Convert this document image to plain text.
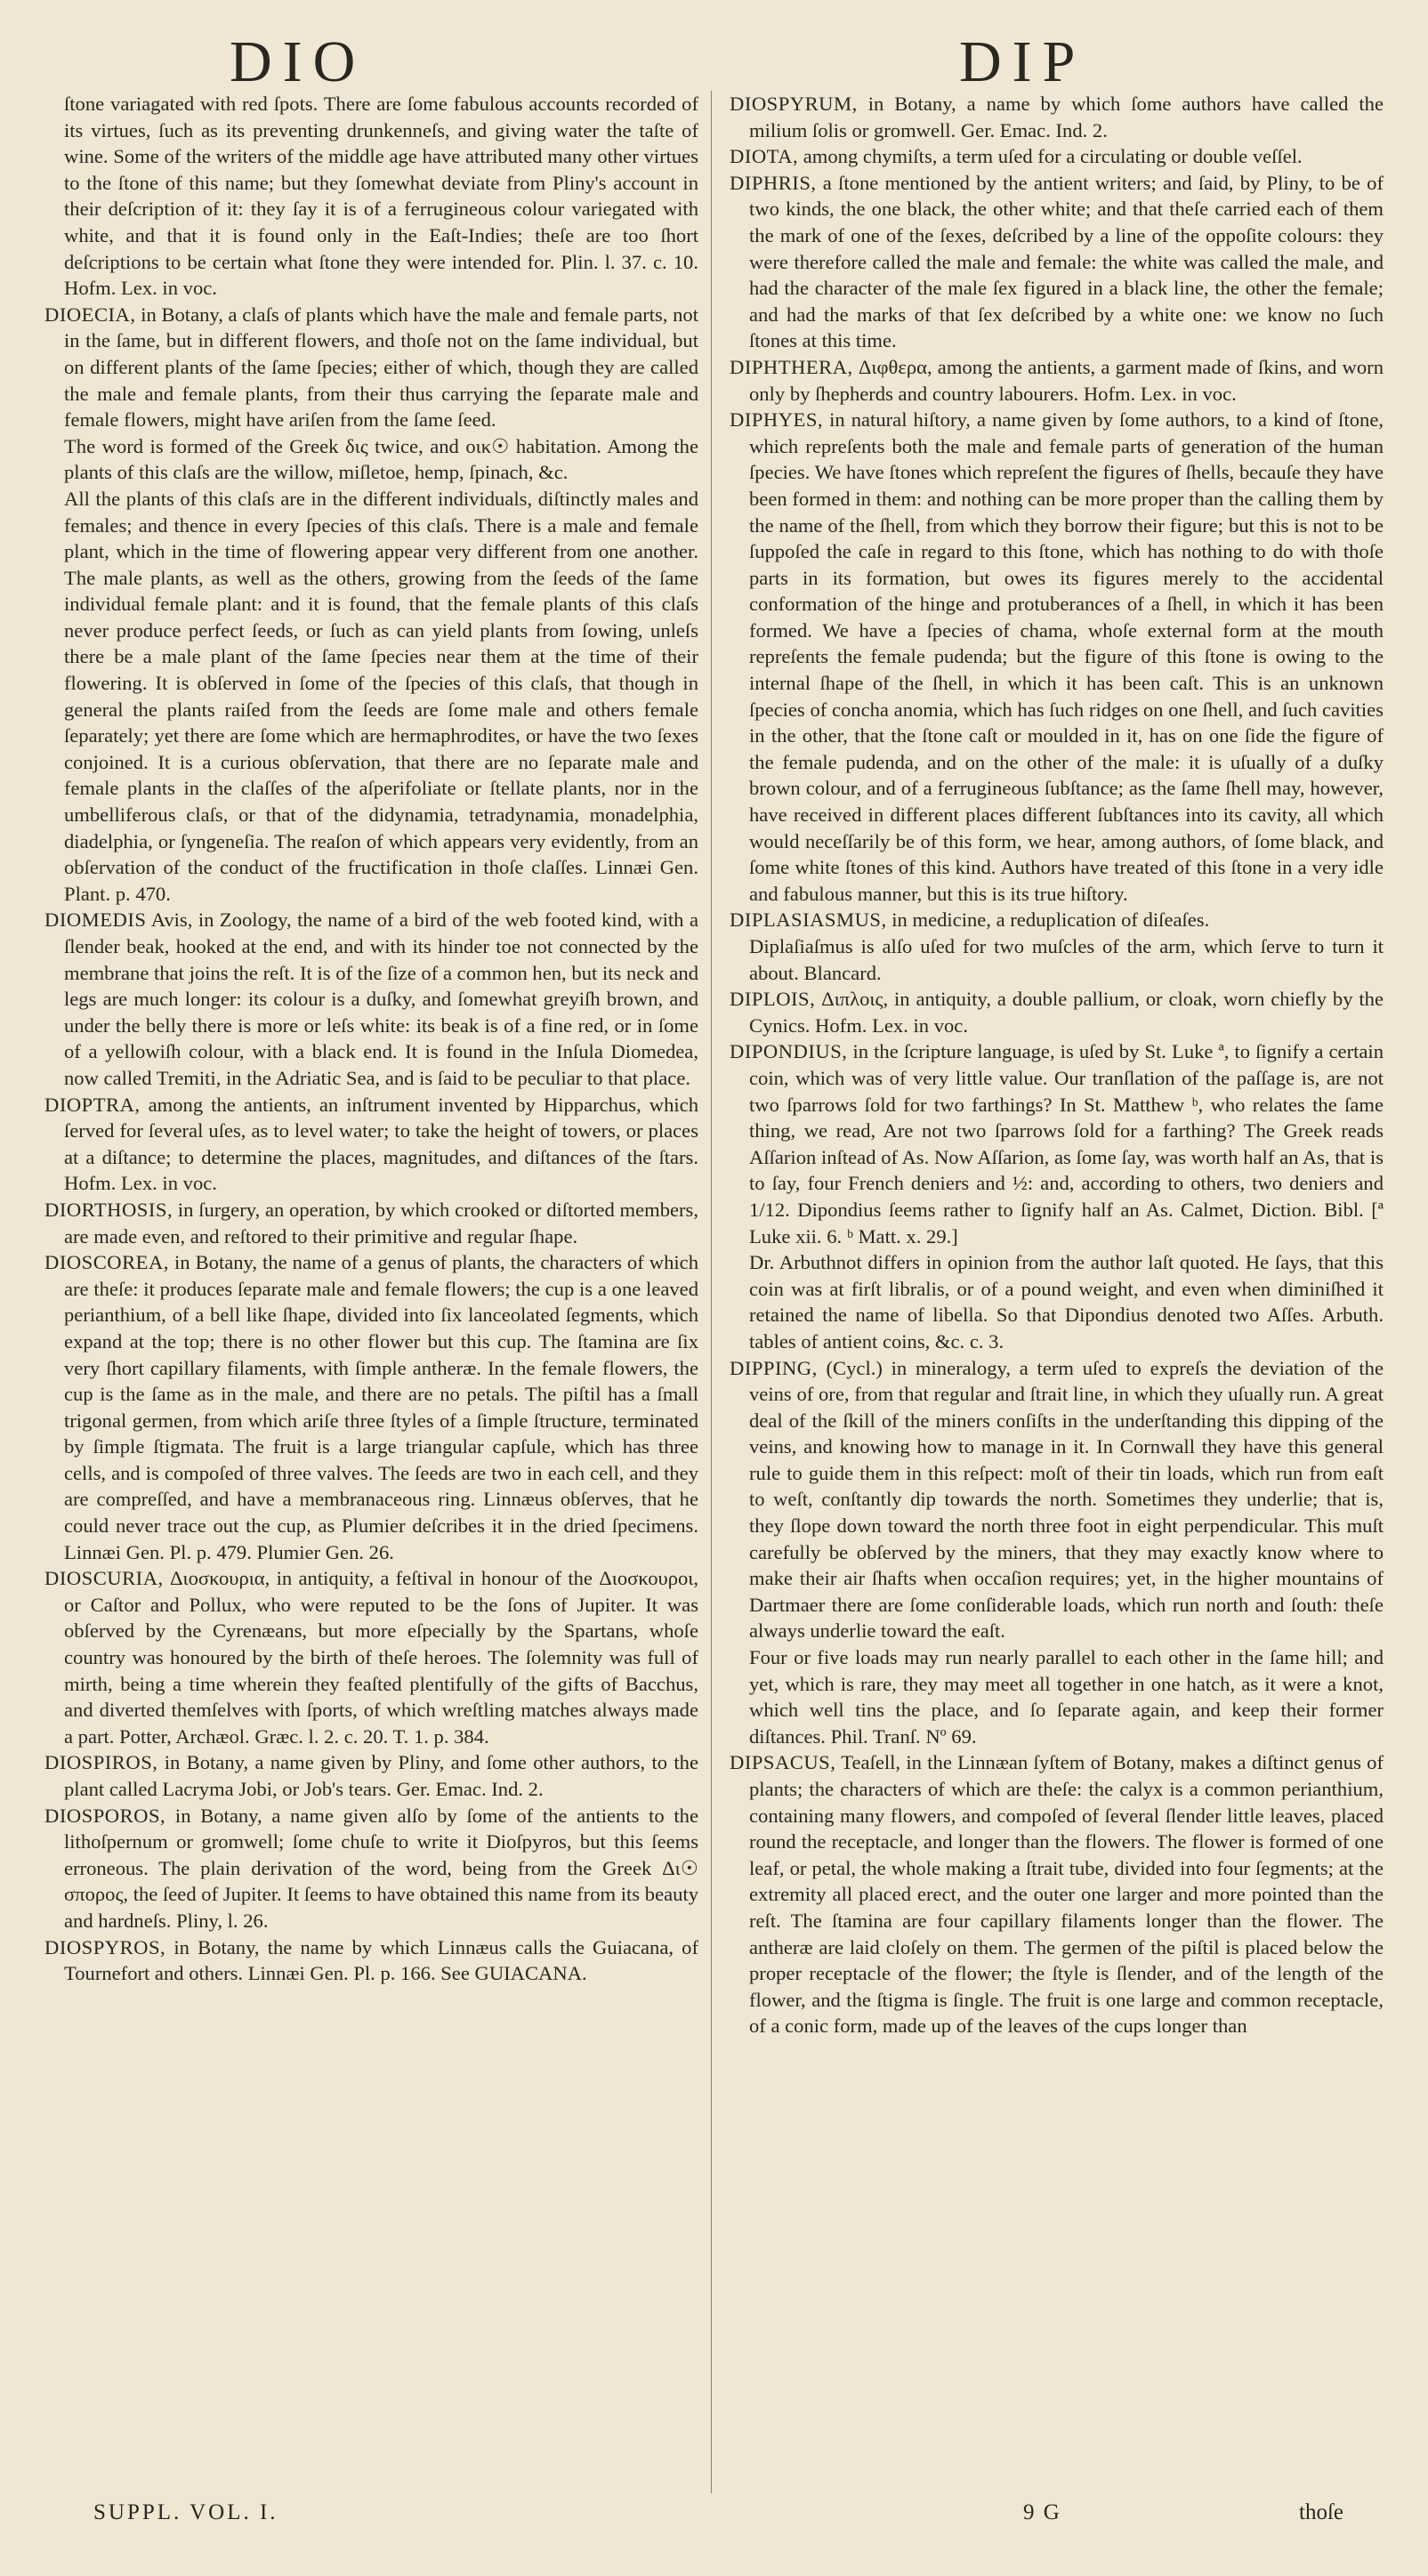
DIO	DIP

ſtone variagated with red ſpots. There are ſome fabulous accounts recorded of its virtues, ſuch as its preventing drunkenneſs, and giving water the taſte of wine. Some of the writers of the middle age have attributed many other virtues to the ſtone of this name; but they ſomewhat deviate from Pliny's account in their deſcription of it: they ſay it is of a ferrugineous colour variegated with white, and that it is found only in the Eaſt-Indies; theſe are too ſhort deſcriptions to be certain what ſtone they were intended for. Plin. l. 37. c. 10. Hofm. Lex. in voc.

DIOECIA, in Botany, a claſs of plants which have the male and female parts, not in the ſame, but in different flowers, and thoſe not on the ſame individual, but on different plants of the ſame ſpecies; either of which, though they are called the male and female plants, from their thus carrying the ſeparate male and female flowers, might have ariſen from the ſame ſeed.

The word is formed of the Greek δις twice, and οικ☉ habitation. Among the plants of this claſs are the willow, miſletoe, hemp, ſpinach, &c.

All the plants of this claſs are in the different individuals, diſtinctly males and females; and thence in every ſpecies of this claſs. There is a male and female plant, which in the time of flowering appear very different from one another. The male plants, as well as the others, growing from the ſeeds of the ſame individual female plant: and it is found, that the female plants of this claſs never produce perfect ſeeds, or ſuch as can yield plants from ſowing, unleſs there be a male plant of the ſame ſpecies near them at the time of their flowering. It is obſerved in ſome of the ſpecies of this claſs, that though in general the plants raiſed from the ſeeds are ſome male and others female ſeparately; yet there are ſome which are hermaphrodites, or have the two ſexes conjoined. It is a curious obſervation, that there are no ſeparate male and female plants in the claſſes of the aſperifoliate or ſtellate plants, nor in the umbelliferous claſs, or that of the didynamia, tetradynamia, monadelphia, diadelphia, or ſyngeneſia. The reaſon of which appears very evidently, from an obſervation of the conduct of the fructification in thoſe claſſes. Linnæi Gen. Plant. p. 470.

DIOMEDIS Avis, in Zoology, the name of a bird of the web footed kind, with a ſlender beak, hooked at the end, and with its hinder toe not connected by the membrane that joins the reſt. It is of the ſize of a common hen, but its neck and legs are much longer: its colour is a duſky, and ſomewhat greyiſh brown, and under the belly there is more or leſs white: its beak is of a fine red, or in ſome of a yellowiſh colour, with a black end. It is found in the Inſula Diomedea, now called Tremiti, in the Adriatic Sea, and is ſaid to be peculiar to that place.

DIOPTRA, among the antients, an inſtrument invented by Hipparchus, which ſerved for ſeveral uſes, as to level water; to take the height of towers, or places at a diſtance; to determine the places, magnitudes, and diſtances of the ſtars. Hofm. Lex. in voc.

DIORTHOSIS, in ſurgery, an operation, by which crooked or diſtorted members, are made even, and reſtored to their primitive and regular ſhape.

DIOSCOREA, in Botany, the name of a genus of plants, the characters of which are theſe: it produces ſeparate male and female flowers; the cup is a one leaved perianthium, of a bell like ſhape, divided into ſix lanceolated ſegments, which expand at the top; there is no other flower but this cup. The ſtamina are ſix very ſhort capillary filaments, with ſimple antheræ. In the female flowers, the cup is the ſame as in the male, and there are no petals. The piſtil has a ſmall trigonal germen, from which ariſe three ſtyles of a ſimple ſtructure, terminated by ſimple ſtigmata. The fruit is a large triangular capſule, which has three cells, and is compoſed of three valves. The ſeeds are two in each cell, and they are compreſſed, and have a membranaceous ring. Linnæus obſerves, that he could never trace out the cup, as Plumier deſcribes it in the dried ſpecimens. Linnæi Gen. Pl. p. 479. Plumier Gen. 26.

DIOSCURIA, Διοσκουρια, in antiquity, a feſtival in honour of the Διοσκουροι, or Caſtor and Pollux, who were reputed to be the ſons of Jupiter. It was obſerved by the Cyrenæans, but more eſpecially by the Spartans, whoſe country was honoured by the birth of theſe heroes. The ſolemnity was full of mirth, being a time wherein they feaſted plentifully of the gifts of Bacchus, and diverted themſelves with ſports, of which wreſtling matches always made a part. Potter, Archæol. Græc. l. 2. c. 20. T. 1. p. 384.

DIOSPIROS, in Botany, a name given by Pliny, and ſome other authors, to the plant called Lacryma Jobi, or Job's tears. Ger. Emac. Ind. 2.

DIOSPOROS, in Botany, a name given alſo by ſome of the antients to the lithoſpernum or gromwell; ſome chuſe to write it Dioſpyros, but this ſeems erroneous. The plain derivation of the word, being from the Greek Δι☉ σπορος, the ſeed of Jupiter. It ſeems to have obtained this name from its beauty and hardneſs. Pliny, l. 26.

DIOSPYROS, in Botany, the name by which Linnæus calls the Guiacana, of Tournefort and others. Linnæi Gen. Pl. p. 166. See GUIACANA.

DIOSPYRUM, in Botany, a name by which ſome authors have called the milium ſolis or gromwell. Ger. Emac. Ind. 2.

DIOTA, among chymiſts, a term uſed for a circulating or double veſſel.

DIPHRIS, a ſtone mentioned by the antient writers; and ſaid, by Pliny, to be of two kinds, the one black, the other white; and that theſe carried each of them the mark of one of the ſexes, deſcribed by a line of the oppoſite colours: they were therefore called the male and female: the white was called the male, and had the character of the male ſex figured in a black line, the other the female; and had the marks of that ſex deſcribed by a white one: we know no ſuch ſtones at this time.

DIPHTHERA, Διφθερα, among the antients, a garment made of ſkins, and worn only by ſhepherds and country labourers. Hofm. Lex. in voc.

DIPHYES, in natural hiſtory, a name given by ſome authors, to a kind of ſtone, which repreſents both the male and female parts of generation of the human ſpecies. We have ſtones which repreſent the figures of ſhells, becauſe they have been formed in them: and nothing can be more proper than the calling them by the name of the ſhell, from which they borrow their figure; but this is not to be ſuppoſed the caſe in regard to this ſtone, which has nothing to do with thoſe parts in its formation, but owes its figures merely to the accidental conformation of the hinge and protuberances of a ſhell, in which it has been formed. We have a ſpecies of chama, whoſe external form at the mouth repreſents the female pudenda; but the figure of this ſtone is owing to the internal ſhape of the ſhell, in which it has been caſt. This is an unknown ſpecies of concha anomia, which has ſuch ridges on one ſhell, and ſuch cavities in the other, that the ſtone caſt or moulded in it, has on one ſide the figure of the female pudenda, and on the other of the male: it is uſually of a duſky brown colour, and of a ferrugineous ſubſtance; as the ſame ſhell may, however, have received in different places different ſubſtances into its cavity, all which would neceſſarily be of this form, we hear, among authors, of ſome black, and ſome white ſtones of this kind. Authors have treated of this ſtone in a very idle and fabulous manner, but this is its true hiſtory.

DIPLASIASMUS, in medicine, a reduplication of diſeaſes.

Diplaſiaſmus is alſo uſed for two muſcles of the arm, which ſerve to turn it about. Blancard.

DIPLOIS, Διπλοις, in antiquity, a double pallium, or cloak, worn chiefly by the Cynics. Hofm. Lex. in voc.

DIPONDIUS, in the ſcripture language, is uſed by St. Luke ª, to ſignify a certain coin, which was of very little value. Our tranſlation of the paſſage is, are not two ſparrows ſold for two farthings? In St. Matthew ᵇ, who relates the ſame thing, we read, Are not two ſparrows ſold for a farthing? The Greek reads Aſſarion inſtead of As. Now Aſſarion, as ſome ſay, was worth half an As, that is to ſay, four French deniers and ½: and, according to others, two deniers and 1/12. Dipondius ſeems rather to ſignify half an As. Calmet, Diction. Bibl. [ª Luke xii. 6. ᵇ Matt. x. 29.]

Dr. Arbuthnot differs in opinion from the author laſt quoted. He ſays, that this coin was at firſt libralis, or of a pound weight, and even when diminiſhed it retained the name of libella. So that Dipondius denoted two Aſſes. Arbuth. tables of antient coins, &c. c. 3.

DIPPING, (Cycl.) in mineralogy, a term uſed to expreſs the deviation of the veins of ore, from that regular and ſtrait line, in which they uſually run. A great deal of the ſkill of the miners conſiſts in the underſtanding this dipping of the veins, and knowing how to manage in it. In Cornwall they have this general rule to guide them in this reſpect: moſt of their tin loads, which run from eaſt to weſt, conſtantly dip towards the north. Sometimes they underlie; that is, they ſlope down toward the north three foot in eight perpendicular. This muſt carefully be obſerved by the miners, that they may exactly know where to make their air ſhafts when occaſion requires; yet, in the higher mountains of Dartmaer there are ſome conſiderable loads, which run north and ſouth: theſe always underlie toward the eaſt.

Four or five loads may run nearly parallel to each other in the ſame hill; and yet, which is rare, they may meet all together in one hatch, as it were a knot, which well tins the place, and ſo ſeparate again, and keep their former diſtances. Phil. Tranſ. Nº 69.

DIPSACUS, Teaſell, in the Linnæan ſyſtem of Botany, makes a diſtinct genus of plants; the characters of which are theſe: the calyx is a common perianthium, containing many flowers, and compoſed of ſeveral ſlender little leaves, placed round the receptacle, and longer than the flowers. The flower is formed of one leaf, or petal, the whole making a ſtrait tube, divided into four ſegments; at the extremity all placed erect, and the outer one larger and more pointed than the reſt. The ſtamina are four capillary filaments longer than the flower. The antheræ are laid cloſely on them. The germen of the piſtil is placed below the proper receptacle of the flower; the ſtyle is ſlender, and of the length of the flower, and the ſtigma is ſingle. The fruit is one large and common receptacle, of a conic form, made up of the leaves of the cups longer than

SUPPL. VOL. I.	9 G	thoſe
